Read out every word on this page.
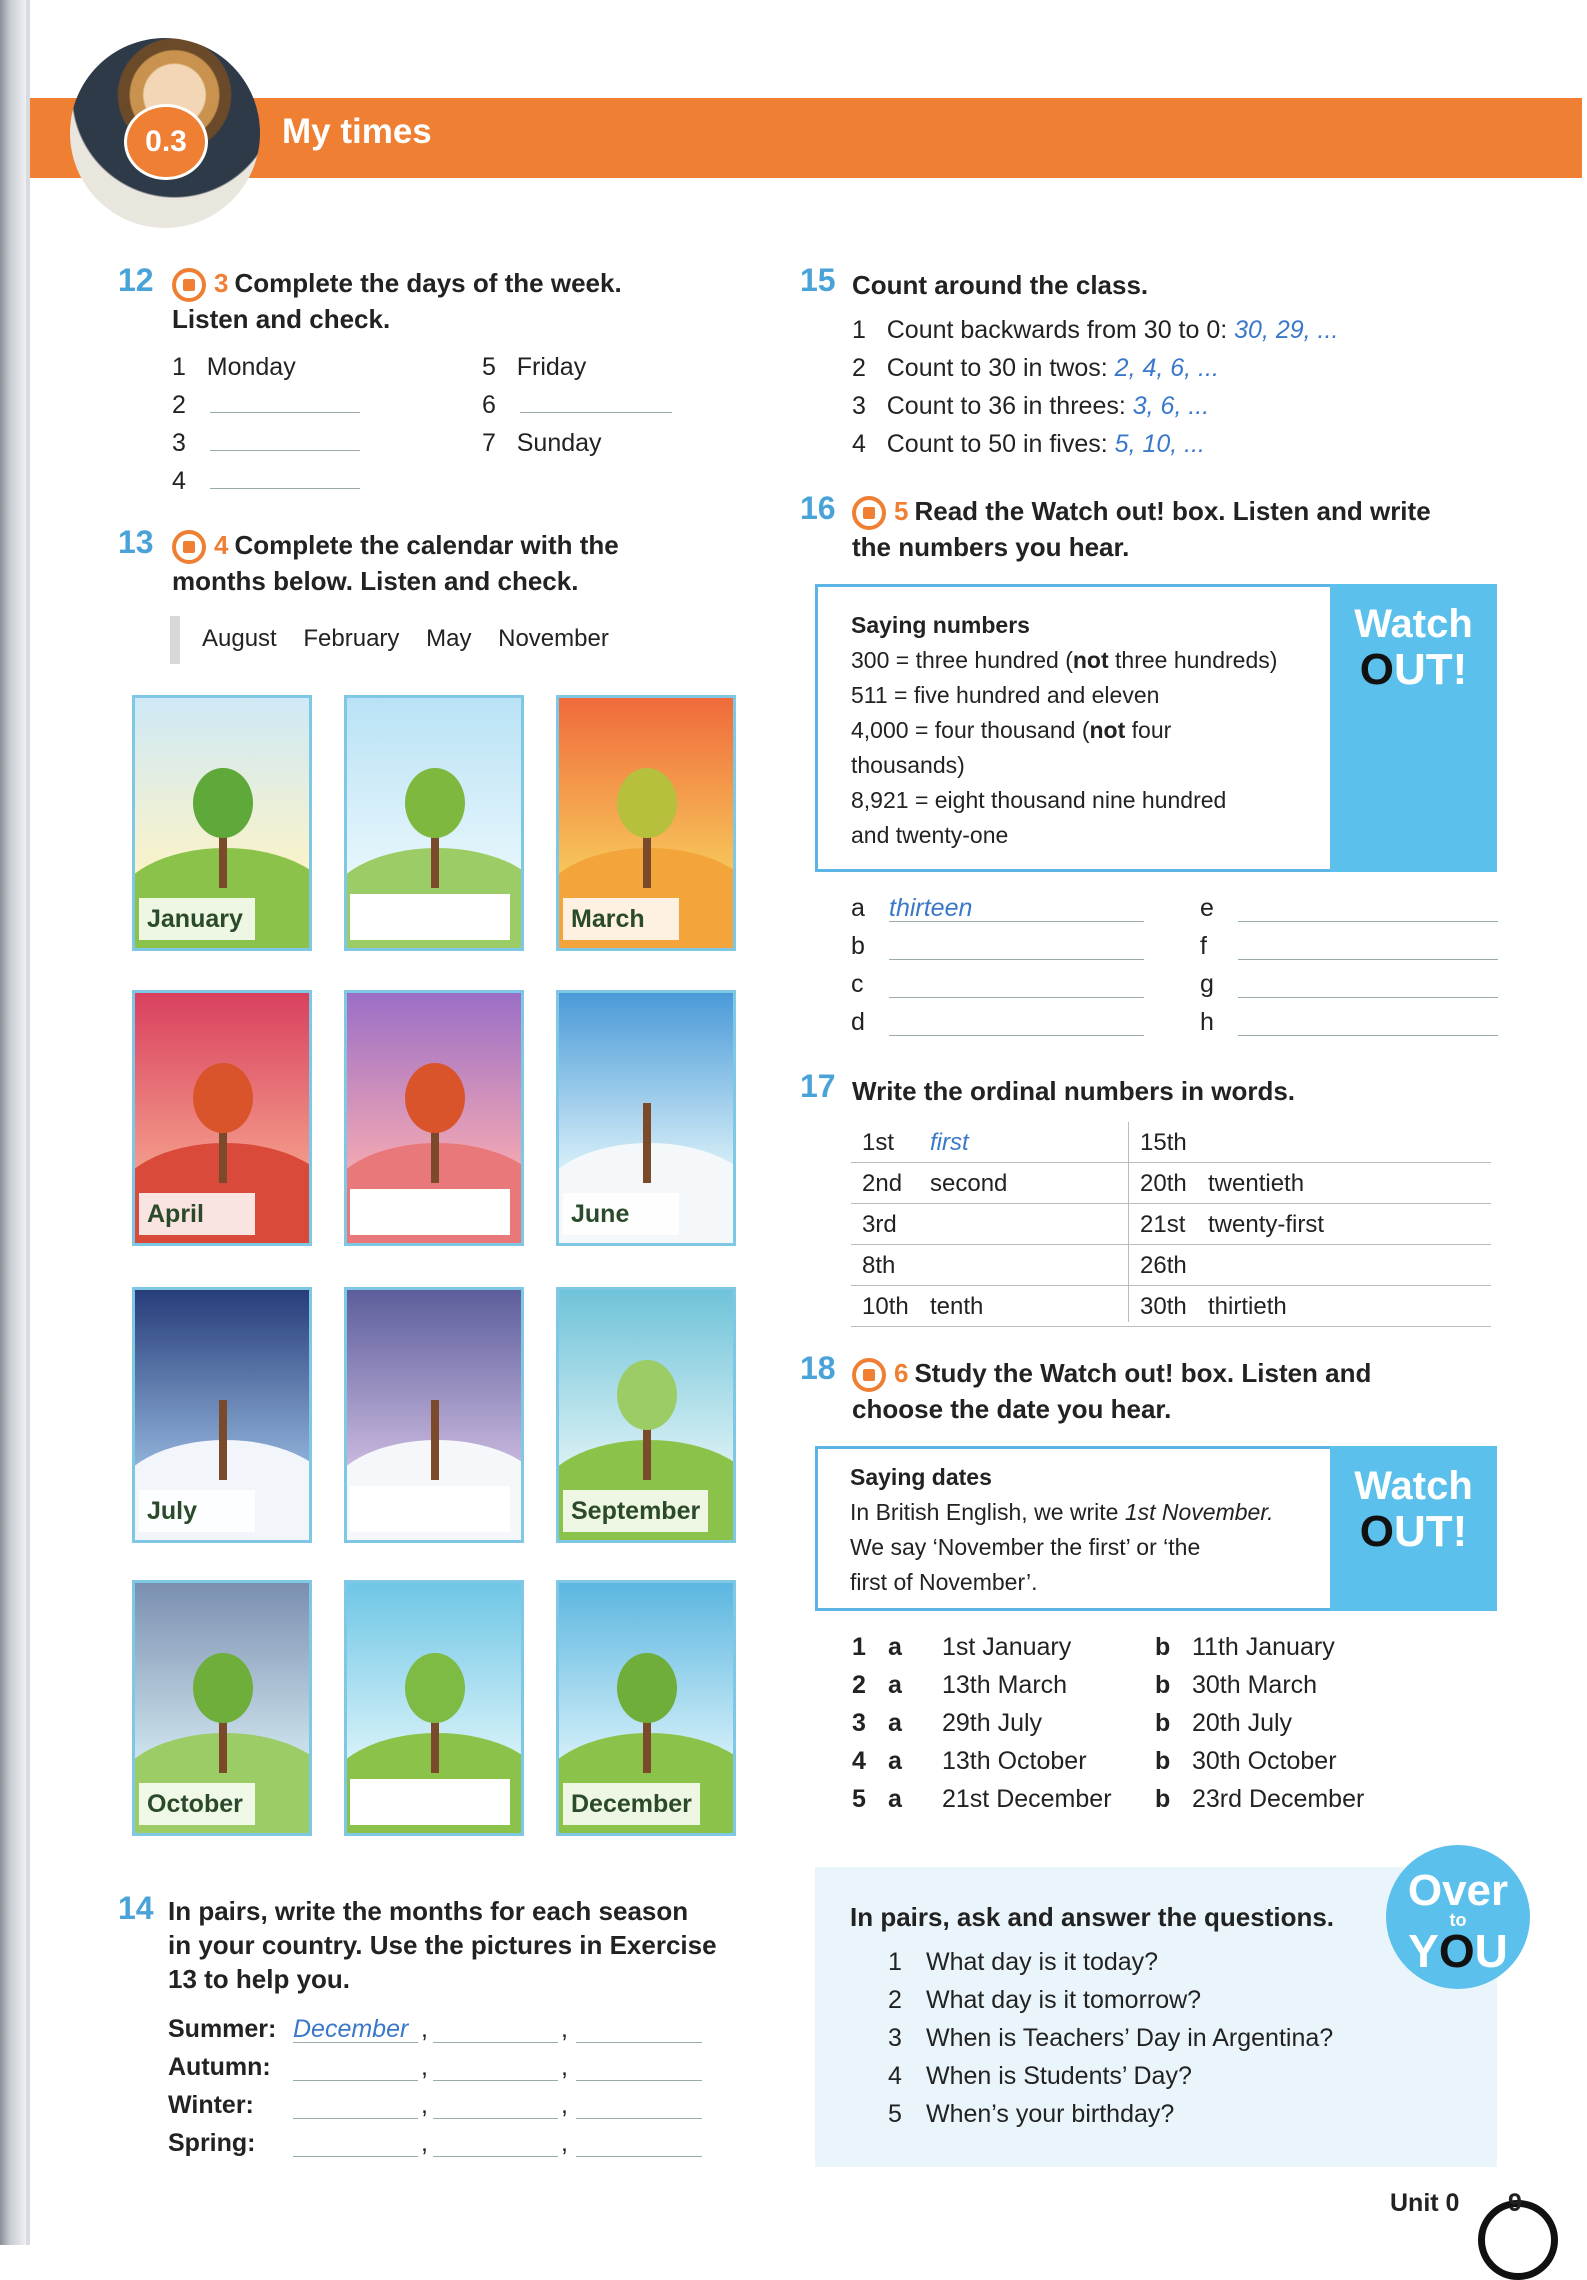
0.3	My times
12	3 Complete the days of the week.
Listen and check.
1 Monday
2
3
4
5 Friday
6
7 Sunday
13	4 Complete the calendar with the
months below. Listen and check.
August February May November
January	March
April	June
July	September
October	December
14 In pairs, write the months for each season
in your country. Use the pictures in Exercise
13 to help you.
Summer: December ,	,
Autumn:	,	,
Winter:	,	,
Spring:	,	,
15 Count around the class.
1 Count backwards from 30 to 0: 30, 29, ...
2 Count to 30 in twos: 2, 4, 6, ...
3 Count to 36 in threes: 3, 6, ...
4 Count to 50 in fives: 5, 10, ...
16	5 Read the Watch out! box. Listen and write
the numbers you hear.
Watch
OUT!
Saying numbers
300 = three hundred (not three hundreds)
511 = five hundred and eleven
4,000 = four thousand (not four
thousands)
8,921 = eight thousand nine hundred
and twenty-one
a thirteen
b
c
d
e
f
g
h
17 Write the ordinal numbers in words.
1st first	15th
2nd second	20th twentieth
3rd	21st twenty-first
8th	26th
10th tenth	30th thirtieth
18	6 Study the Watch out! box. Listen and
choose the date you hear.
Watch
OUT!
Saying dates
In British English, we write 1st November.
We say ‘November the first’ or ‘the
first of November’.
1 a 1st January	b 11th January
2 a 13th March	b 30th March
3 a 29th July	b 20th July
4 a 13th October	b 30th October
5 a 21st December b 23rd December
Over
to
YOU
In pairs, ask and answer the questions.
1 What day is it today?
2 What day is it tomorrow?
3 When is Teachers’ Day in Argentina?
4 When is Students’ Day?
5 When’s your birthday?
Unit 0 9
